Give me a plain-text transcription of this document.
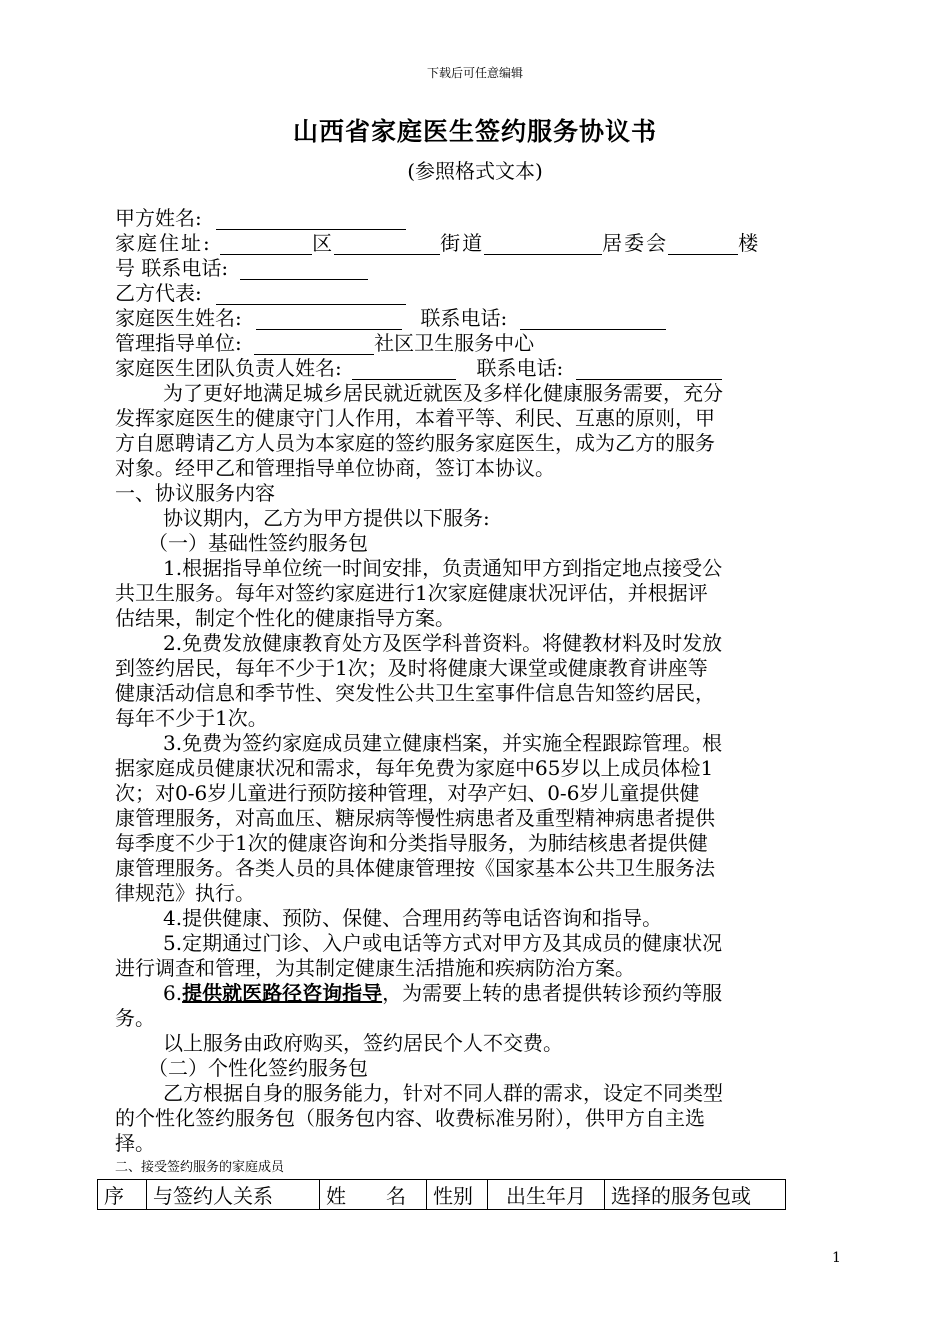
下载后可任意编辑
山西省家庭医生签约服务协议书
(参照格式文本)
甲方姓名:
家庭住址:	区	街道	居委会	楼
号 联系电话:
乙方代表:
家庭医生姓名:	联系电话:
管理指导单位:	社区卫生服务中心
家庭医生团队负责人姓名:	联系电话:
为了更好地满足城乡居民就近就医及多样化健康服务需要，充分
发挥家庭医生的健康守门人作用，本着平等、利民、互惠的原则，甲
方自愿聘请乙方人员为本家庭的签约服务家庭医生，成为乙方的服务
对象。经甲乙和管理指导单位协商，签订本协议。
一、协议服务内容
协议期内，乙方为甲方提供以下服务:
（一）基础性签约服务包
1.根据指导单位统一时间安排，负责通知甲方到指定地点接受公
共卫生服务。每年对签约家庭进行1次家庭健康状况评估，并根据评
估结果，制定个性化的健康指导方案。
2.免费发放健康教育处方及医学科普资料。将健教材料及时发放
到签约居民，每年不少于1次；及时将健康大课堂或健康教育讲座等
健康活动信息和季节性、突发性公共卫生室事件信息告知签约居民，
每年不少于1次。
3.免费为签约家庭成员建立健康档案，并实施全程跟踪管理。根
据家庭成员健康状况和需求，每年免费为家庭中65岁以上成员体检1
次；对0-6岁儿童进行预防接种管理，对孕产妇、0-6岁儿童提供健
康管理服务，对高血压、糖尿病等慢性病患者及重型精神病患者提供
每季度不少于1次的健康咨询和分类指导服务，为肺结核患者提供健
康管理服务。各类人员的具体健康管理按《国家基本公共卫生服务法
律规范》执行。
4.提供健康、预防、保健、合理用药等电话咨询和指导。
5.定期通过门诊、入户或电话等方式对甲方及其成员的健康状况
进行调查和管理，为其制定健康生活措施和疾病防治方案。
6.提供就医路径咨询指导，为需要上转的患者提供转诊预约等服
务。
以上服务由政府购买，签约居民个人不交费。
（二）个性化签约服务包
乙方根据自身的服务能力，针对不同人群的需求，设定不同类型
的个性化签约服务包（服务包内容、收费标准另附），供甲方自主选
择。
二、接受签约服务的家庭成员
序	与签约人关系	姓　　名	性别	出生年月	选择的服务包或
1
